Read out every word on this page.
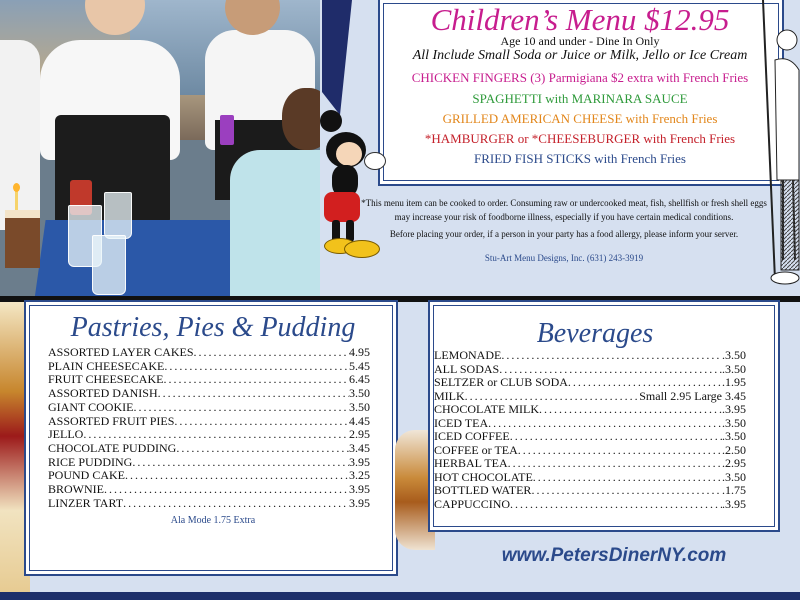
Children’s Menu $12.95
Age 10 and under - Dine In Only
All Include Small Soda or Juice or Milk, Jello or Ice Cream
CHICKEN FINGERS (3) Parmigiana $2 extra with French Fries
SPAGHETTI with MARINARA SAUCE
GRILLED AMERICAN CHEESE with French Fries
*HAMBURGER or *CHEESEBURGER with French Fries
FRIED FISH STICKS with French Fries
*This menu item can be cooked to order. Consuming raw or undercooked meat, fish, shellfish or fresh shell eggs may increase your risk of foodborne illness, especially if you have certain medical conditions.
Before placing your order, if a person in your party has a food allergy, please inform your server.
Stu-Art Menu Designs, Inc. (631) 243-3919
Pastries, Pies & Pudding
ASSORTED LAYER CAKES . . .	4.95
PLAIN CHEESECAKE . . .	5.45
FRUIT CHEESECAKE . . .	6.45
ASSORTED DANISH . . .	3.50
GIANT COOKIE . . .	3.50
ASSORTED FRUIT PIES . . .	4.45
JELLO . . .	2.95
CHOCOLATE PUDDING . . .	3.45
RICE PUDDING . . .	3.95
POUND CAKE . . .	3.25
BROWNIE . . .	3.95
LINZER TART . . .	3.95
Ala Mode 1.75 Extra
Beverages
LEMONADE . . .	.3.50
ALL SODAS . . .	.3.50
SELTZER or CLUB SODA . . .	.1.95
MILK . . .	Small 2.95 Large 3.45
CHOCOLATE MILK . . .	.3.95
ICED TEA . . .	.3.50
ICED COFFEE . . .	.3.50
COFFEE or TEA . . .	.2.50
HERBAL TEA . . .	.2.95
HOT CHOCOLATE . . .	.3.50
BOTTLED WATER . . .	.1.75
CAPPUCCINO . . .	.3.95
www.PetersDinerNY.com
